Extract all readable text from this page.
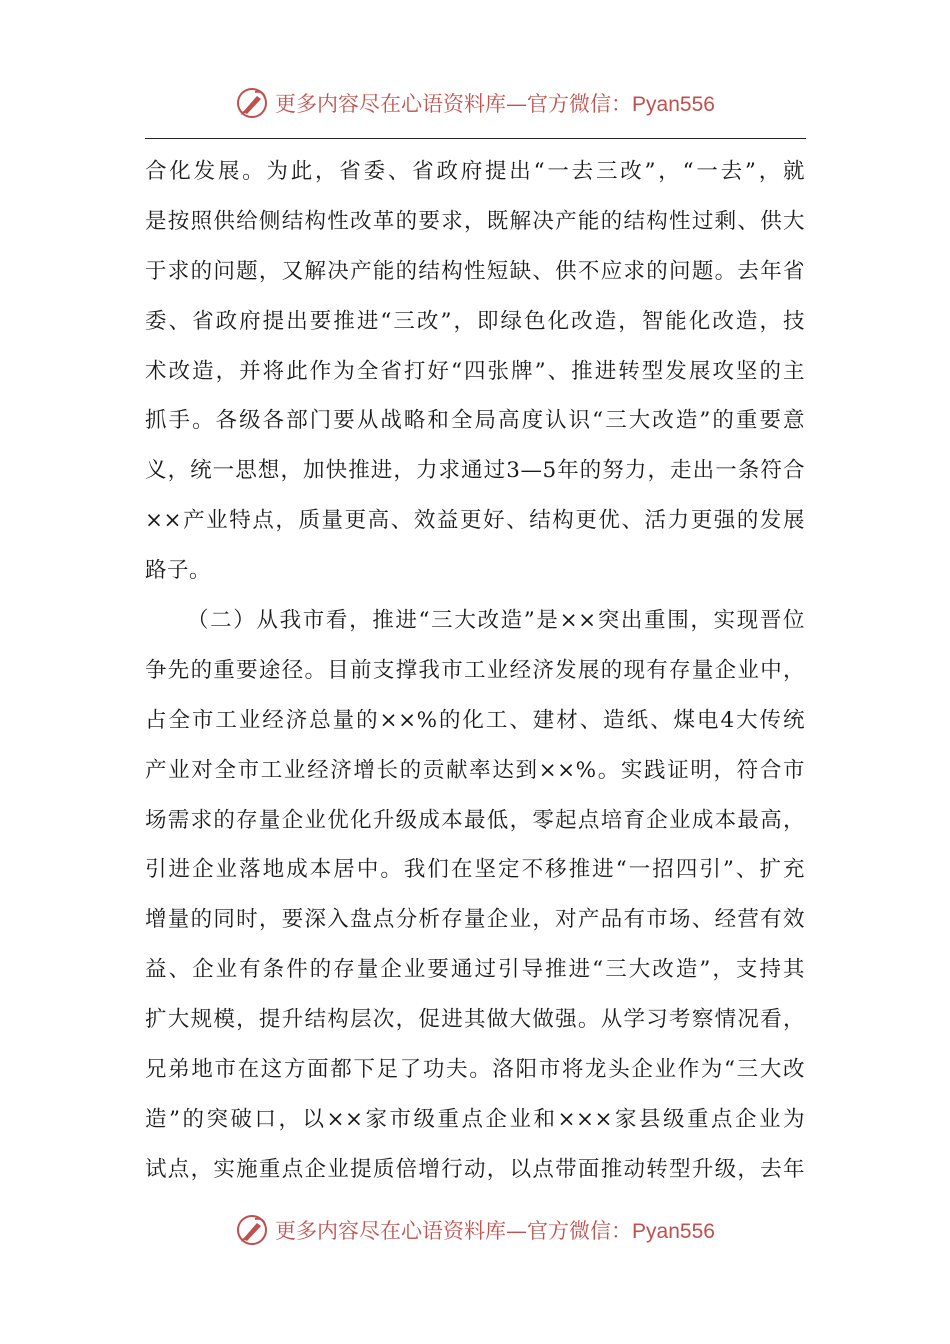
更多内容尽在心语资料库—官方微信：Pyan556
合化发展。为此，省委、省政府提出“一去三改”，“一去”，就
是按照供给侧结构性改革的要求，既解决产能的结构性过剩、供大
于求的问题，又解决产能的结构性短缺、供不应求的问题。去年省
委、省政府提出要推进“三改”，即绿色化改造，智能化改造，技
术改造，并将此作为全省打好“四张牌”、推进转型发展攻坚的主
抓手。各级各部门要从战略和全局高度认识“三大改造”的重要意
义，统一思想，加快推进，力求通过3—5年的努力，走出一条符合
××产业特点，质量更高、效益更好、结构更优、活力更强的发展
路子。
（二）从我市看，推进“三大改造”是××突出重围，实现晋位
争先的重要途径。目前支撑我市工业经济发展的现有存量企业中，
占全市工业经济总量的××%的化工、建材、造纸、煤电4大传统
产业对全市工业经济增长的贡献率达到××%。实践证明，符合市
场需求的存量企业优化升级成本最低，零起点培育企业成本最高，
引进企业落地成本居中。我们在坚定不移推进“一招四引”、扩充
增量的同时，要深入盘点分析存量企业，对产品有市场、经营有效
益、企业有条件的存量企业要通过引导推进“三大改造”，支持其
扩大规模，提升结构层次，促进其做大做强。从学习考察情况看，
兄弟地市在这方面都下足了功夫。洛阳市将龙头企业作为“三大改
造”的突破口，以××家市级重点企业和×××家县级重点企业为
试点，实施重点企业提质倍增行动，以点带面推动转型升级，去年
更多内容尽在心语资料库—官方微信：Pyan556
